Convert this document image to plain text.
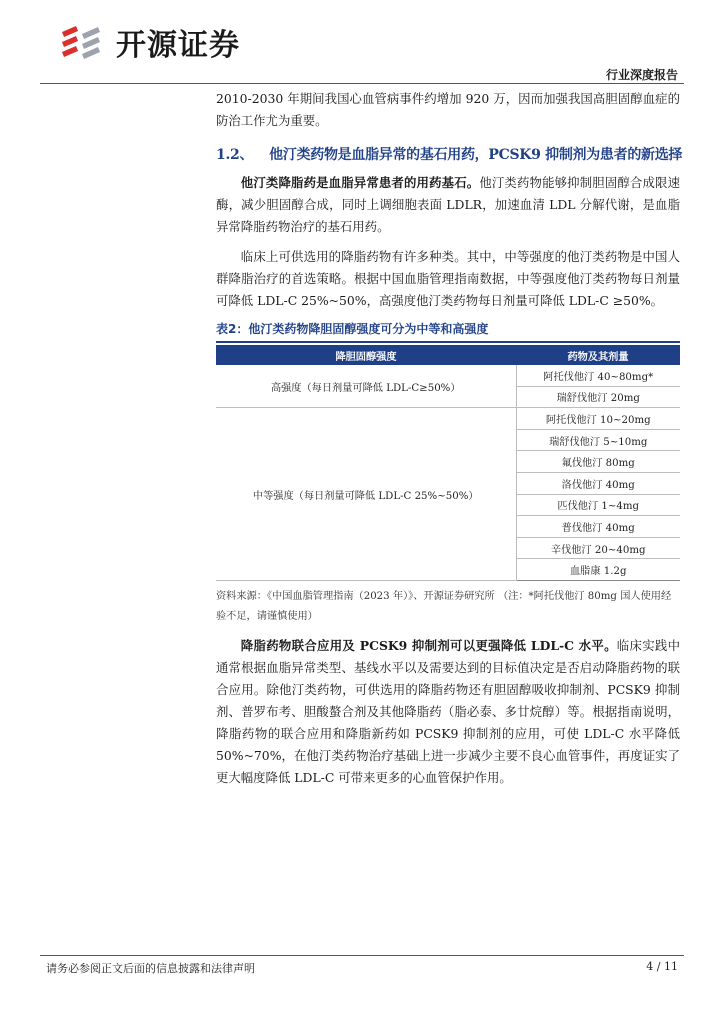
开源证券
行业深度报告

2010-2030 年期间我国心血管病事件约增加 920 万，因而加强我国高胆固醇血症的防治工作尤为重要。

1.2、 他汀类药物是血脂异常的基石用药，PCSK9 抑制剂为患者的新选择

他汀类降脂药是血脂异常患者的用药基石。他汀类药物能够抑制胆固醇合成限速酶，减少胆固醇合成，同时上调细胞表面 LDLR，加速血清 LDL 分解代谢，是血脂异常降脂药物治疗的基石用药。

临床上可供选用的降脂药物有许多种类。其中，中等强度的他汀类药物是中国人群降脂治疗的首选策略。根据中国血脂管理指南数据，中等强度他汀类药物每日剂量可降低 LDL-C 25%~50%，高强度他汀类药物每日剂量可降低 LDL-C ≥50%。

表2：他汀类药物降胆固醇强度可分为中等和高强度
降胆固醇强度	药物及其剂量
高强度（每日剂量可降低 LDL-C≥50%）	阿托伐他汀 40~80mg*
	瑞舒伐他汀 20mg
中等强度（每日剂量可降低 LDL-C 25%~50%）	阿托伐他汀 10~20mg
	瑞舒伐他汀 5~10mg
	氟伐他汀 80mg
	洛伐他汀 40mg
	匹伐他汀 1~4mg
	普伐他汀 40mg
	辛伐他汀 20~40mg
	血脂康 1.2g
资料来源：《中国血脂管理指南（2023 年）》、开源证券研究所 （注：*阿托伐他汀 80mg 国人使用经验不足，请谨慎使用）

降脂药物联合应用及 PCSK9 抑制剂可以更强降低 LDL-C 水平。临床实践中通常根据血脂异常类型、基线水平以及需要达到的目标值决定是否启动降脂药物的联合应用。除他汀类药物，可供选用的降脂药物还有胆固醇吸收抑制剂、PCSK9 抑制剂、普罗布考、胆酸螯合剂及其他降脂药（脂必泰、多廿烷醇）等。根据指南说明，降脂药物的联合应用和降脂新药如 PCSK9 抑制剂的应用，可使 LDL-C 水平降低 50%~70%，在他汀类药物治疗基础上进一步减少主要不良心血管事件，再度证实了更大幅度降低 LDL-C 可带来更多的心血管保护作用。

请务必参阅正文后面的信息披露和法律声明	4 / 11
